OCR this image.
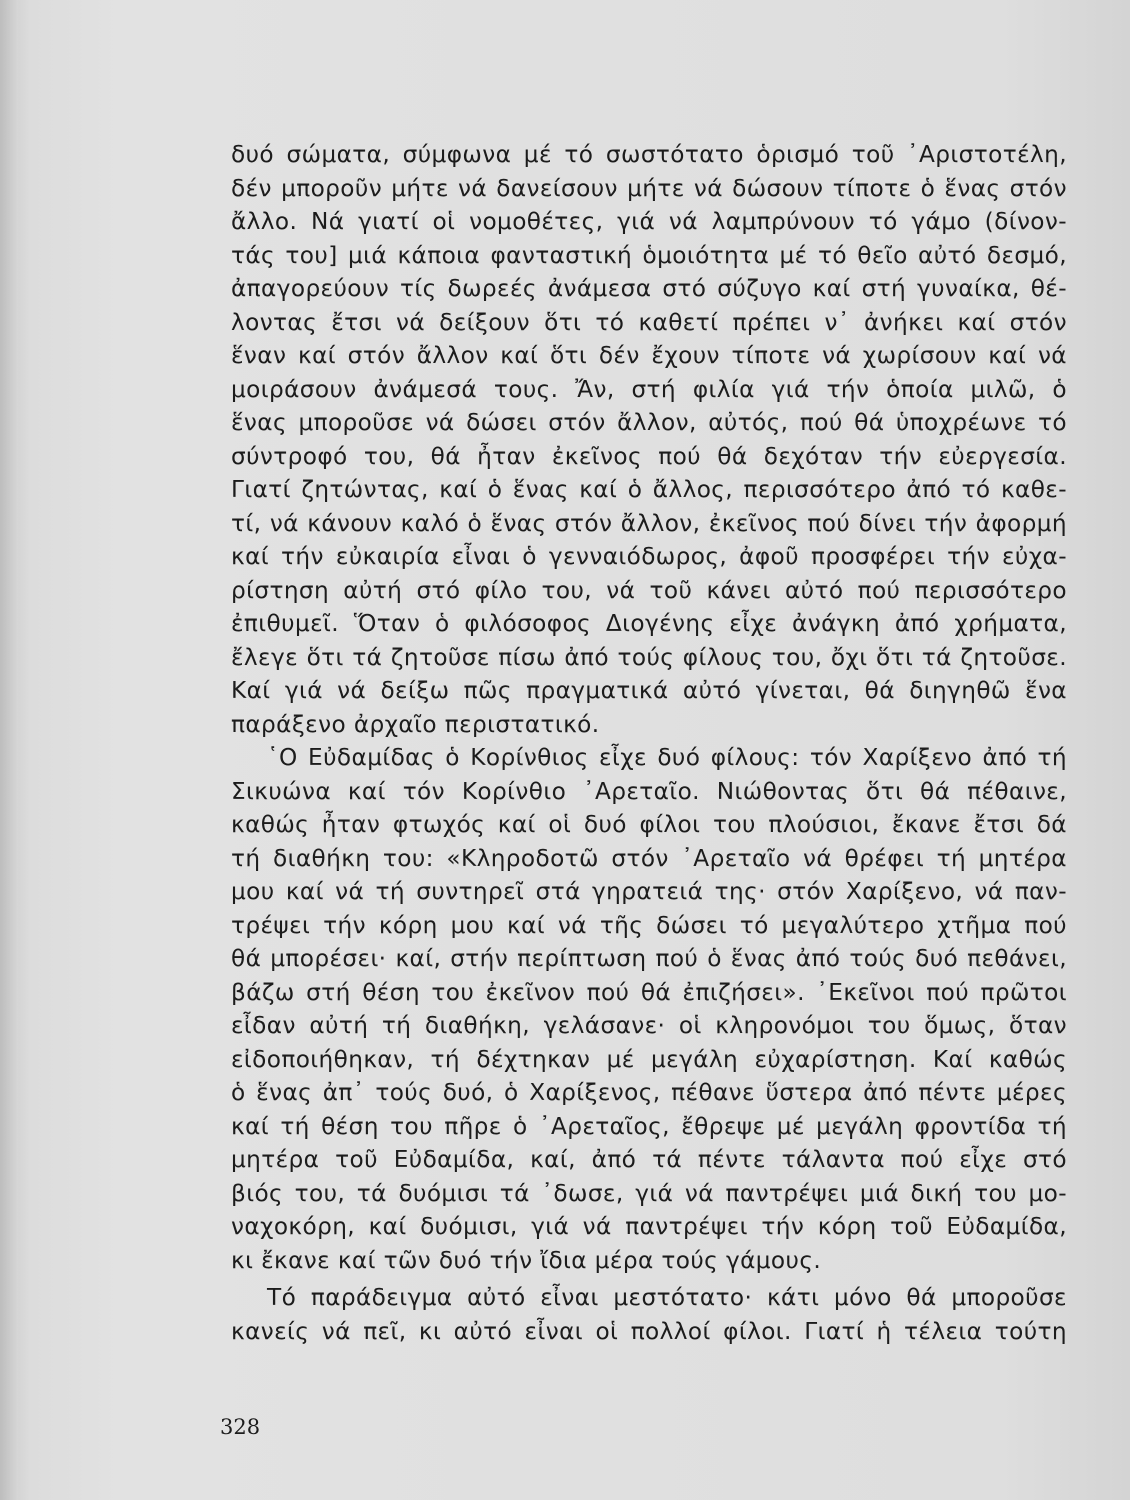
δυό σώματα, σύμφωνα μέ τό σωστότατο ὁρισμό τοῦ ᾿Αριστοτέλη,
δέν μποροῦν μήτε νά δανείσουν μήτε νά δώσουν τίποτε ὁ ἕνας στόν
ἄλλο. Νά γιατί οἱ νομοθέτες, γιά νά λαμπρύνουν τό γάμο (δίνον-
τάς του] μιά κάποια φανταστική ὁμοιότητα μέ τό θεῖο αὐτό δεσμό,
ἀπαγορεύουν τίς δωρεές ἀνάμεσα στό σύζυγο καί στή γυναίκα, θέ-
λοντας ἔτσι νά δείξουν ὅτι τό καθετί πρέπει ν᾿ ἀνήκει καί στόν
ἕναν καί στόν ἄλλον καί ὅτι δέν ἔχουν τίποτε νά χωρίσουν καί νά
μοιράσουν ἀνάμεσά τους. Ἄν, στή φιλία γιά τήν ὁποία μιλῶ, ὁ
ἕνας μποροῦσε νά δώσει στόν ἄλλον, αὐτός, πού θά ὑποχρέωνε τό
σύντροφό του, θά ἦταν ἐκεῖνος πού θά δεχόταν τήν εὐεργεσία.
Γιατί ζητώντας, καί ὁ ἕνας καί ὁ ἄλλος, περισσότερο ἀπό τό καθε-
τί, νά κάνουν καλό ὁ ἕνας στόν ἄλλον, ἐκεῖνος πού δίνει τήν ἀφορμή
καί τήν εὐκαιρία εἶναι ὁ γενναιόδωρος, ἀφοῦ προσφέρει τήν εὐχα-
ρίστηση αὐτή στό φίλο του, νά τοῦ κάνει αὐτό πού περισσότερο
ἐπιθυμεῖ. Ὅταν ὁ φιλόσοφος Διογένης εἶχε ἀνάγκη ἀπό χρήματα,
ἔλεγε ὅτι τά ζητοῦσε πίσω ἀπό τούς φίλους του, ὄχι ὅτι τά ζητοῦσε.
Καί γιά νά δείξω πῶς πραγματικά αὐτό γίνεται, θά διηγηθῶ ἕνα
παράξενο ἀρχαῖο περιστατικό.
῾Ο Εὐδαμίδας ὁ Κορίνθιος εἶχε δυό φίλους: τόν Χαρίξενο ἀπό τή
Σικυώνα καί τόν Κορίνθιο ᾿Αρεταῖο. Νιώθοντας ὅτι θά πέθαινε,
καθώς ἦταν φτωχός καί οἱ δυό φίλοι του πλούσιοι, ἔκανε ἔτσι δά
τή διαθήκη του: «Κληροδοτῶ στόν ᾿Αρεταῖο νά θρέφει τή μητέρα
μου καί νά τή συντηρεῖ στά γηρατειά της· στόν Χαρίξενο, νά παν-
τρέψει τήν κόρη μου καί νά τῆς δώσει τό μεγαλύτερο χτῆμα πού
θά μπορέσει· καί, στήν περίπτωση πού ὁ ἕνας ἀπό τούς δυό πεθάνει,
βάζω στή θέση του ἐκεῖνον πού θά ἐπιζήσει». ᾿Εκεῖνοι πού πρῶτοι
εἶδαν αὐτή τή διαθήκη, γελάσανε· οἱ κληρονόμοι του ὅμως, ὅταν
εἰδοποιήθηκαν, τή δέχτηκαν μέ μεγάλη εὐχαρίστηση. Καί καθώς
ὁ ἕνας ἀπ᾿ τούς δυό, ὁ Χαρίξενος, πέθανε ὕστερα ἀπό πέντε μέρες
καί τή θέση του πῆρε ὁ ᾿Αρεταῖος, ἔθρεψε μέ μεγάλη φροντίδα τή
μητέρα τοῦ Εὐδαμίδα, καί, ἀπό τά πέντε τάλαντα πού εἶχε στό
βιός του, τά δυόμισι τά ᾿δωσε, γιά νά παντρέψει μιά δική του μο-
ναχοκόρη, καί δυόμισι, γιά νά παντρέψει τήν κόρη τοῦ Εὐδαμίδα,
κι ἔκανε καί τῶν δυό τήν ἴδια μέρα τούς γάμους.
Τό παράδειγμα αὐτό εἶναι μεστότατο· κάτι μόνο θά μποροῦσε
κανείς νά πεῖ, κι αὐτό εἶναι οἱ πολλοί φίλοι. Γιατί ἡ τέλεια τούτη
328
